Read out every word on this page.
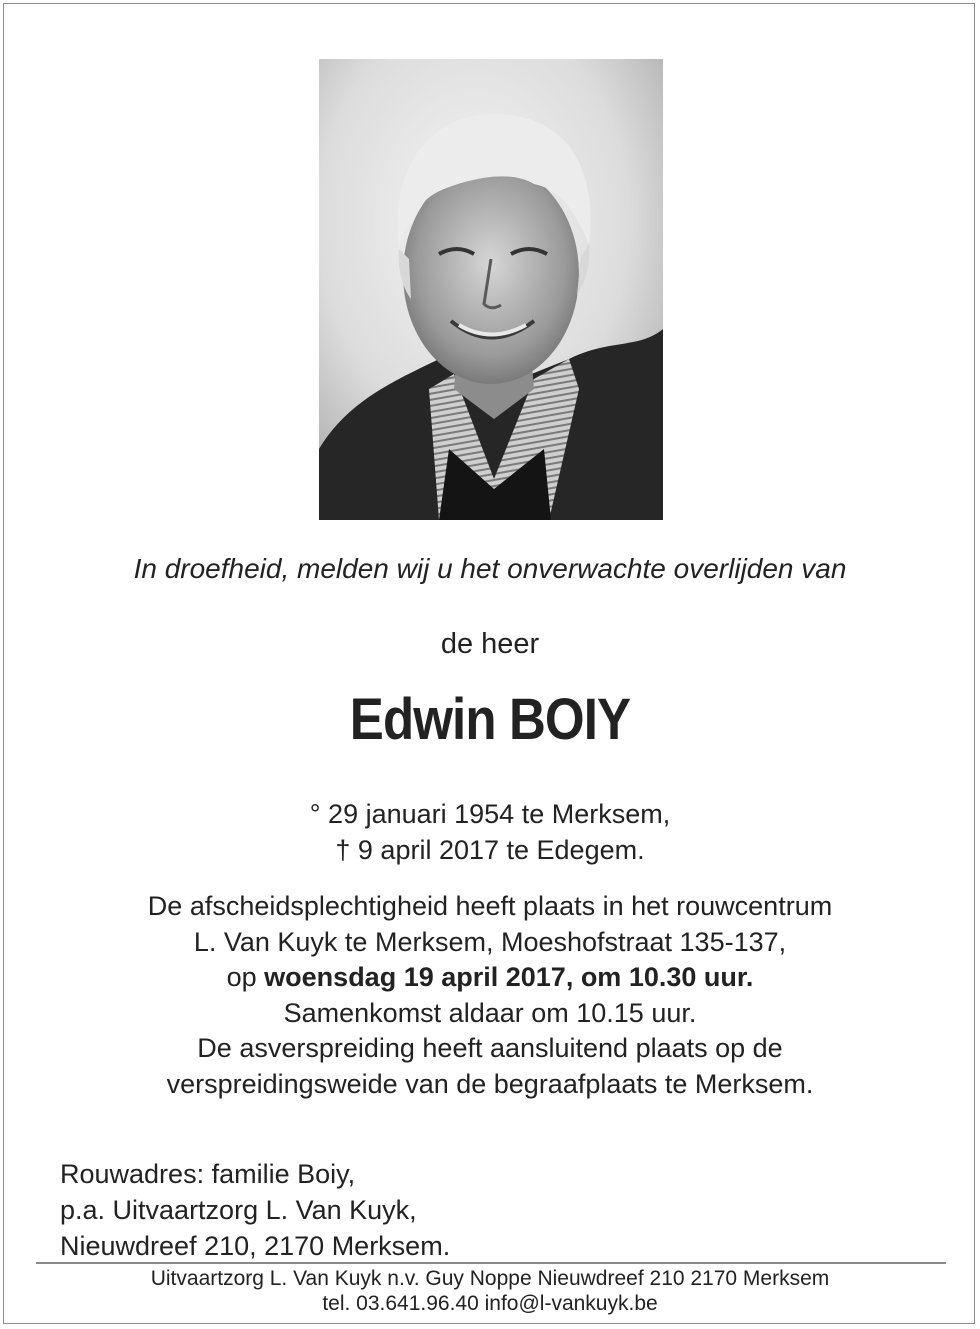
In droefheid, melden wij u het onverwachte overlijden van
de heer
Edwin BOIY
° 29 januari 1954 te Merksem,
† 9 april 2017 te Edegem.
De afscheidsplechtigheid heeft plaats in het rouwcentrum
L. Van Kuyk te Merksem, Moeshofstraat 135-137,
op woensdag 19 april 2017, om 10.30 uur.
Samenkomst aldaar om 10.15 uur.
De asverspreiding heeft aansluitend plaats op de
verspreidingsweide van de begraafplaats te Merksem.
Rouwadres: familie Boiy,
p.a. Uitvaartzorg L. Van Kuyk,
Nieuwdreef 210, 2170 Merksem.
Uitvaartzorg L. Van Kuyk n.v. Guy Noppe Nieuwdreef 210 2170 Merksem
tel. 03.641.96.40 info@l-vankuyk.be
